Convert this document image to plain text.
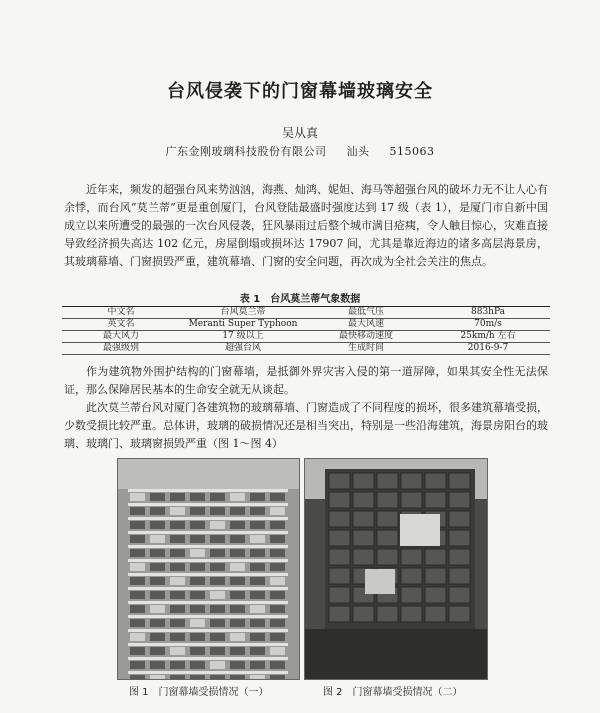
台风侵袭下的门窗幕墙玻璃安全
吴从真
广东金刚玻璃科技股份有限公司 汕头 515063

近年来，频发的超强台风来势汹汹，海燕、灿鸿、妮妲、海马等超强台风的破坏力无不让人心有余悸，而台风“莫兰蒂”更是重创厦门，台风登陆最盛时强度达到 17 级（表 1），是厦门市自新中国成立以来所遭受的最强的一次台风侵袭，狂风暴雨过后整个城市满目疮痍，令人触目惊心，灾难直接导致经济损失高达 102 亿元，房屋倒塌或损坏达 17907 间，尤其是靠近海边的诸多高层海景房，其玻璃幕墙、门窗损毁严重，建筑幕墙、门窗的安全问题，再次成为全社会关注的焦点。

表 1　台风莫兰蒂气象数据
中文名	台风莫兰蒂	最低气压	883hPa
英文名	Meranti Super Typhoon	最大风速	70m/s
最大风力	17 级以上	最快移动速度	25km/h 左右
最强级别	超强台风	生成时间	2016-9-7

作为建筑物外围护结构的门窗幕墙，是抵御外界灾害入侵的第一道屏障，如果其安全性无法保证，那么保障居民基本的生命安全就无从谈起。

此次莫兰蒂台风对厦门各建筑物的玻璃幕墙、门窗造成了不同程度的损坏，很多建筑幕墙受损，少数受损比较严重。总体讲，玻璃的破损情况还是相当突出，特别是一些沿海建筑，海景房阳台的玻璃、玻璃门、玻璃窗损毁严重（图 1～图 4）

图 1　门窗幕墙受损情况（一）	图 2　门窗幕墙受损情况（二）
